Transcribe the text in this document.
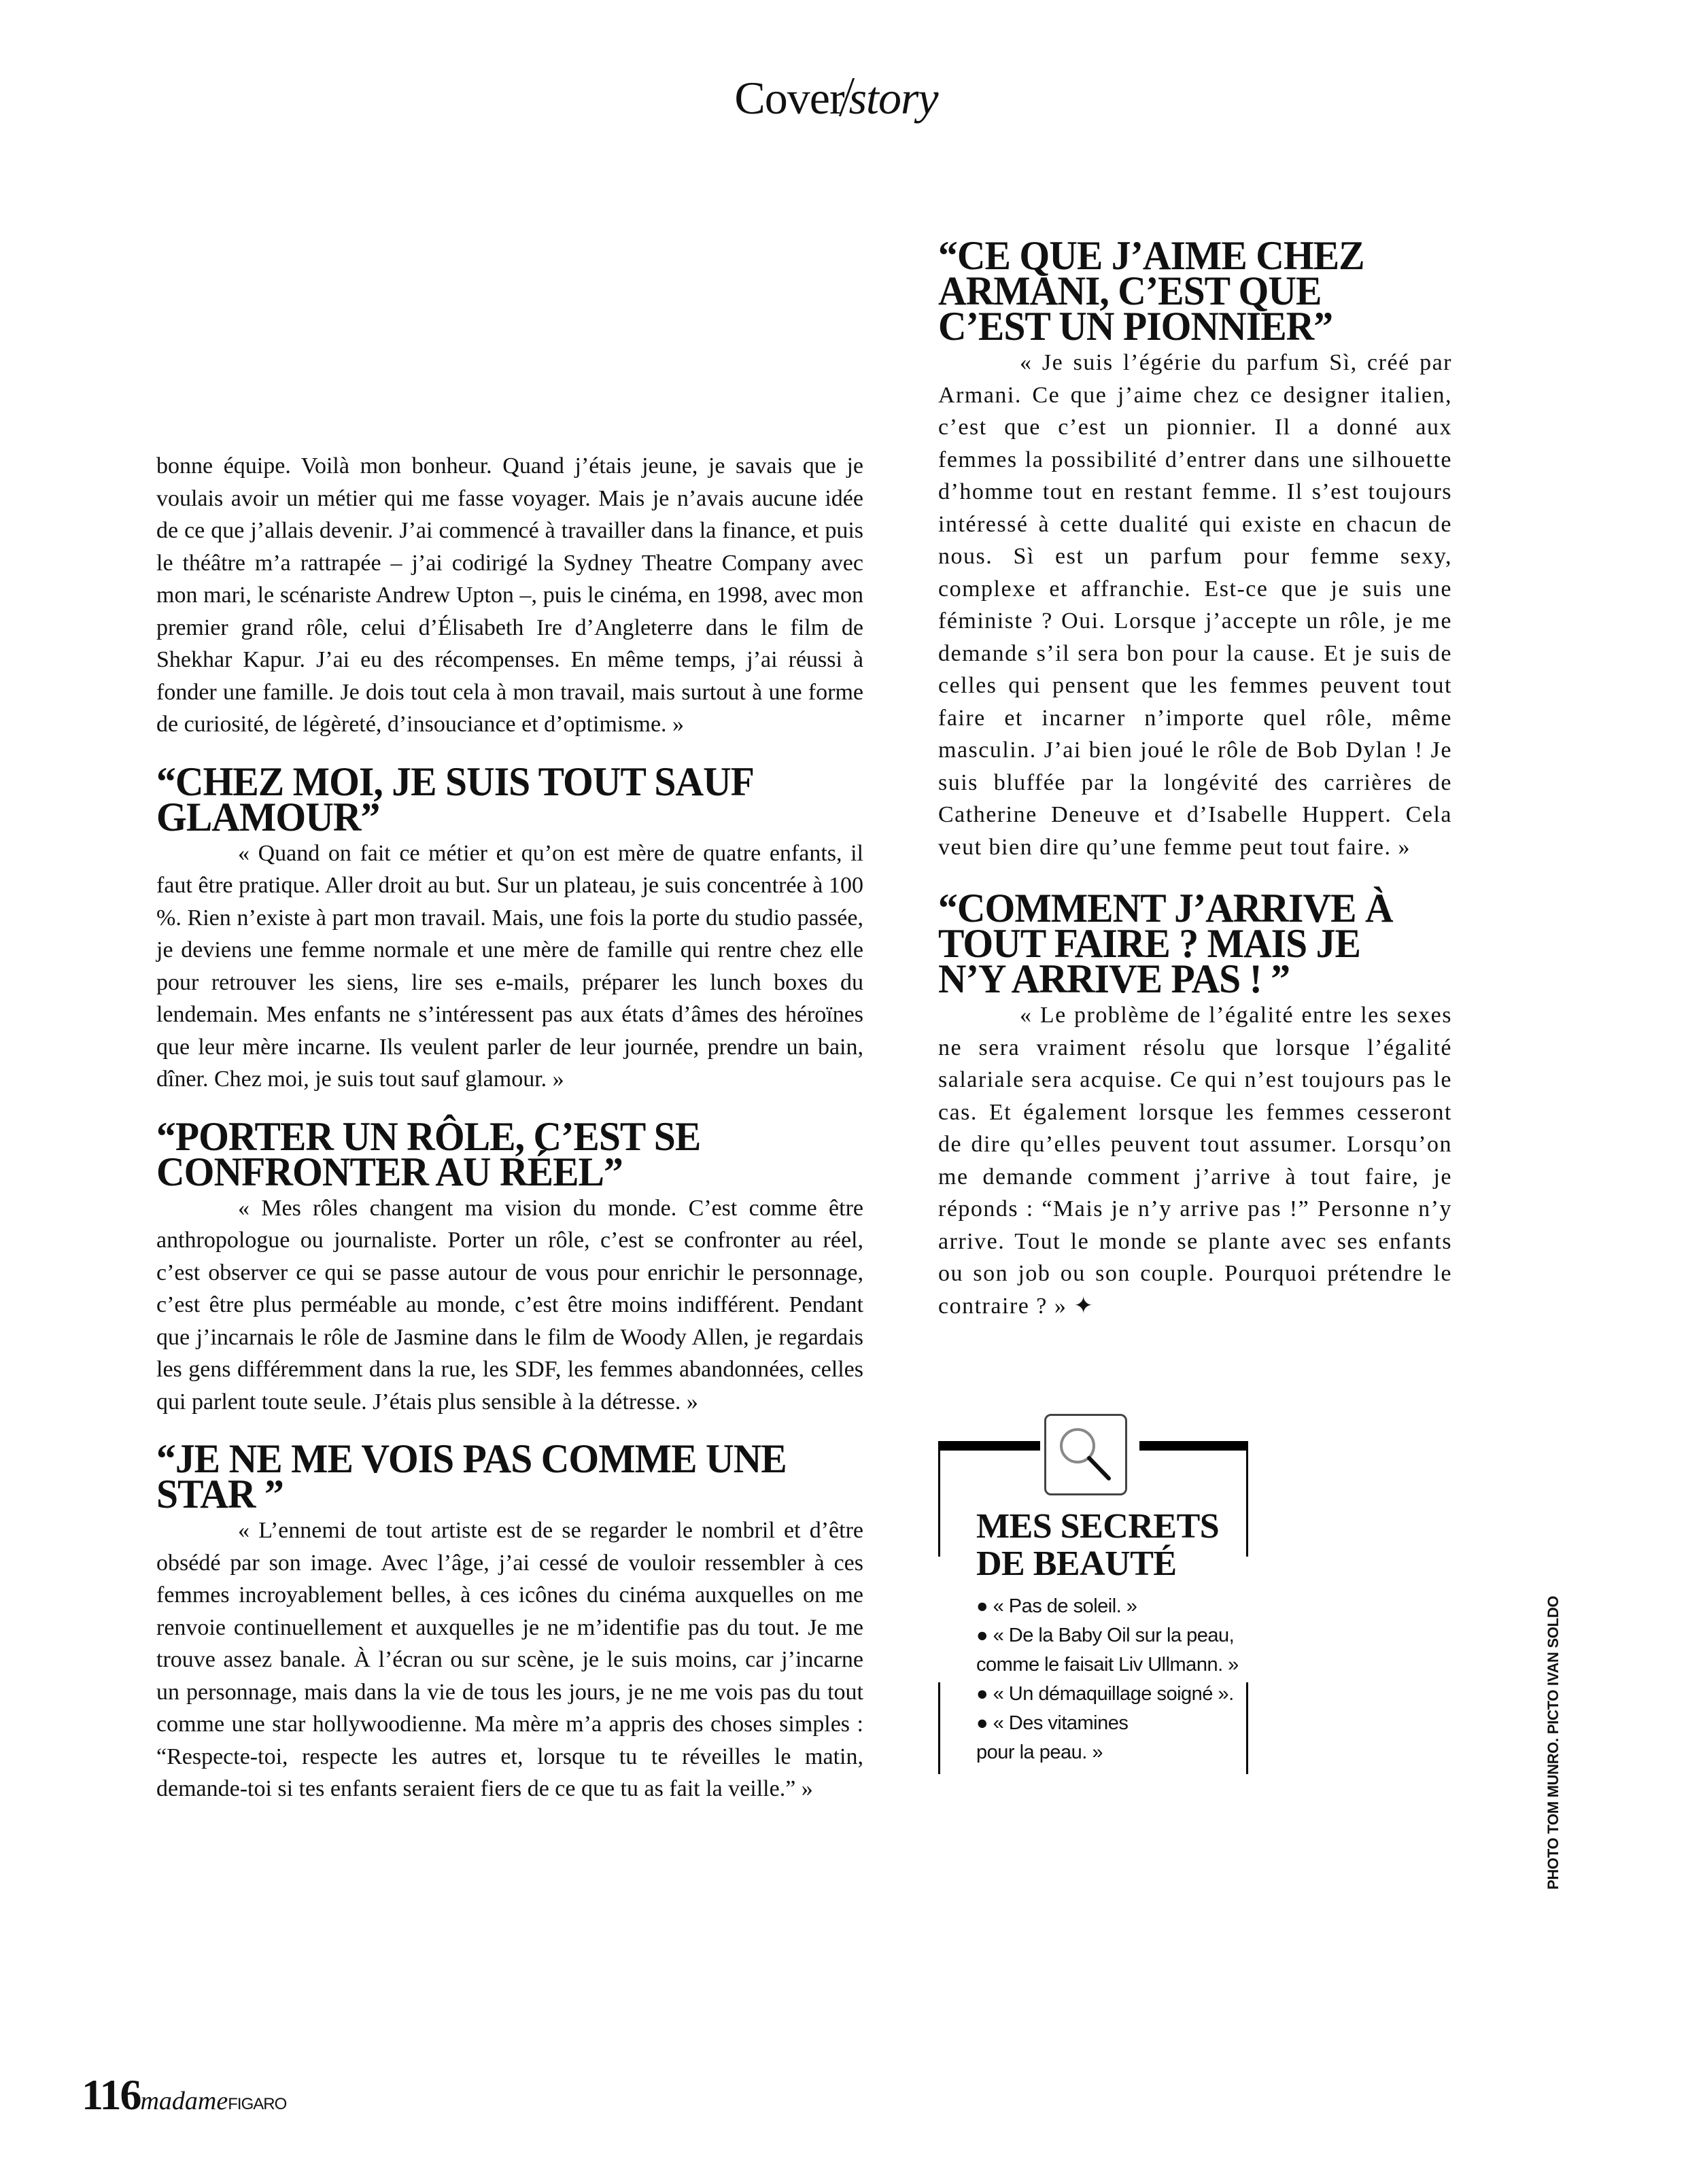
Cover story

bonne équipe. Voilà mon bonheur. Quand j’étais jeune, je savais que je voulais avoir un métier qui me fasse voyager. Mais je n’avais aucune idée de ce que j’allais devenir. J’ai commencé à travailler dans la finance, et puis le théâtre m’a rattrapée – j’ai codirigé la Sydney Theatre Company avec mon mari, le scénariste Andrew Upton –, puis le cinéma, en 1998, avec mon premier grand rôle, celui d’Élisabeth Ire d’Angleterre dans le film de Shekhar Kapur. J’ai eu des récompenses. En même temps, j’ai réussi à fonder une famille. Je dois tout cela à mon travail, mais surtout à une forme de curiosité, de légèreté, d’insouciance et d’optimisme. »

“CHEZ MOI, JE SUIS TOUT SAUF GLAMOUR”

« Quand on fait ce métier et qu’on est mère de quatre enfants, il faut être pratique. Aller droit au but. Sur un plateau, je suis concentrée à 100 %. Rien n’existe à part mon travail. Mais, une fois la porte du studio passée, je deviens une femme normale et une mère de famille qui rentre chez elle pour retrouver les siens, lire ses e-mails, préparer les lunch boxes du lendemain. Mes enfants ne s’intéressent pas aux états d’âmes des héroïnes que leur mère incarne. Ils veulent parler de leur journée, prendre un bain, dîner. Chez moi, je suis tout sauf glamour. »

“PORTER UN RÔLE, C’EST SE CONFRONTER AU RÉEL”

« Mes rôles changent ma vision du monde. C’est comme être anthropologue ou journaliste. Porter un rôle, c’est se confronter au réel, c’est observer ce qui se passe autour de vous pour enrichir le personnage, c’est être plus perméable au monde, c’est être moins indifférent. Pendant que j’incarnais le rôle de Jasmine dans le film de Woody Allen, je regardais les gens différemment dans la rue, les SDF, les femmes abandonnées, celles qui parlent toute seule. J’étais plus sensible à la détresse. »

“JE NE ME VOIS PAS COMME UNE STAR ”

« L’ennemi de tout artiste est de se regarder le nombril et d’être obsédé par son image. Avec l’âge, j’ai cessé de vouloir ressembler à ces femmes incroyablement belles, à ces icônes du cinéma auxquelles on me renvoie continuellement et auxquelles je ne m’identifie pas du tout. Je me trouve assez banale. À l’écran ou sur scène, je le suis moins, car j’incarne un personnage, mais dans la vie de tous les jours, je ne me vois pas du tout comme une star hollywoodienne. Ma mère m’a appris des choses simples : “Respecte-toi, respecte les autres et, lorsque tu te réveilles le matin, demande-toi si tes enfants seraient fiers de ce que tu as fait la veille.” »

“CE QUE J’AIME CHEZ ARMANI, C’EST QUE C’EST UN PIONNIER”

« Je suis l’égérie du parfum Sì, créé par Armani. Ce que j’aime chez ce designer italien, c’est que c’est un pionnier. Il a donné aux femmes la possibilité d’entrer dans une silhouette d’homme tout en restant femme. Il s’est toujours intéressé à cette dualité qui existe en chacun de nous. Sì est un parfum pour femme sexy, complexe et affranchie. Est-ce que je suis une féministe ? Oui. Lorsque j’accepte un rôle, je me demande s’il sera bon pour la cause. Et je suis de celles qui pensent que les femmes peuvent tout faire et incarner n’importe quel rôle, même masculin. J’ai bien joué le rôle de Bob Dylan ! Je suis bluffée par la longévité des carrières de Catherine Deneuve et d’Isabelle Huppert. Cela veut bien dire qu’une femme peut tout faire. »

“COMMENT J’ARRIVE À TOUT FAIRE ? MAIS JE N’Y ARRIVE PAS ! ”

« Le problème de l’égalité entre les sexes ne sera vraiment résolu que lorsque l’égalité salariale sera acquise. Ce qui n’est toujours pas le cas. Et également lorsque les femmes cesseront de dire qu’elles peuvent tout assumer. Lorsqu’on me demande comment j’arrive à tout faire, je réponds : “Mais je n’y arrive pas !” Personne n’y arrive. Tout le monde se plante avec ses enfants ou son job ou son couple. Pourquoi prétendre le contraire ? » ✦

MES SECRETS
DE BEAUTÉ
● « Pas de soleil. »
● « De la Baby Oil sur la peau, comme le faisait Liv Ullmann. »
● « Un démaquillage soigné ».
● « Des vitamines pour la peau. »	PHOTO TOM MUNRO. PICTO IVAN SOLDO
116madameFIGARO
